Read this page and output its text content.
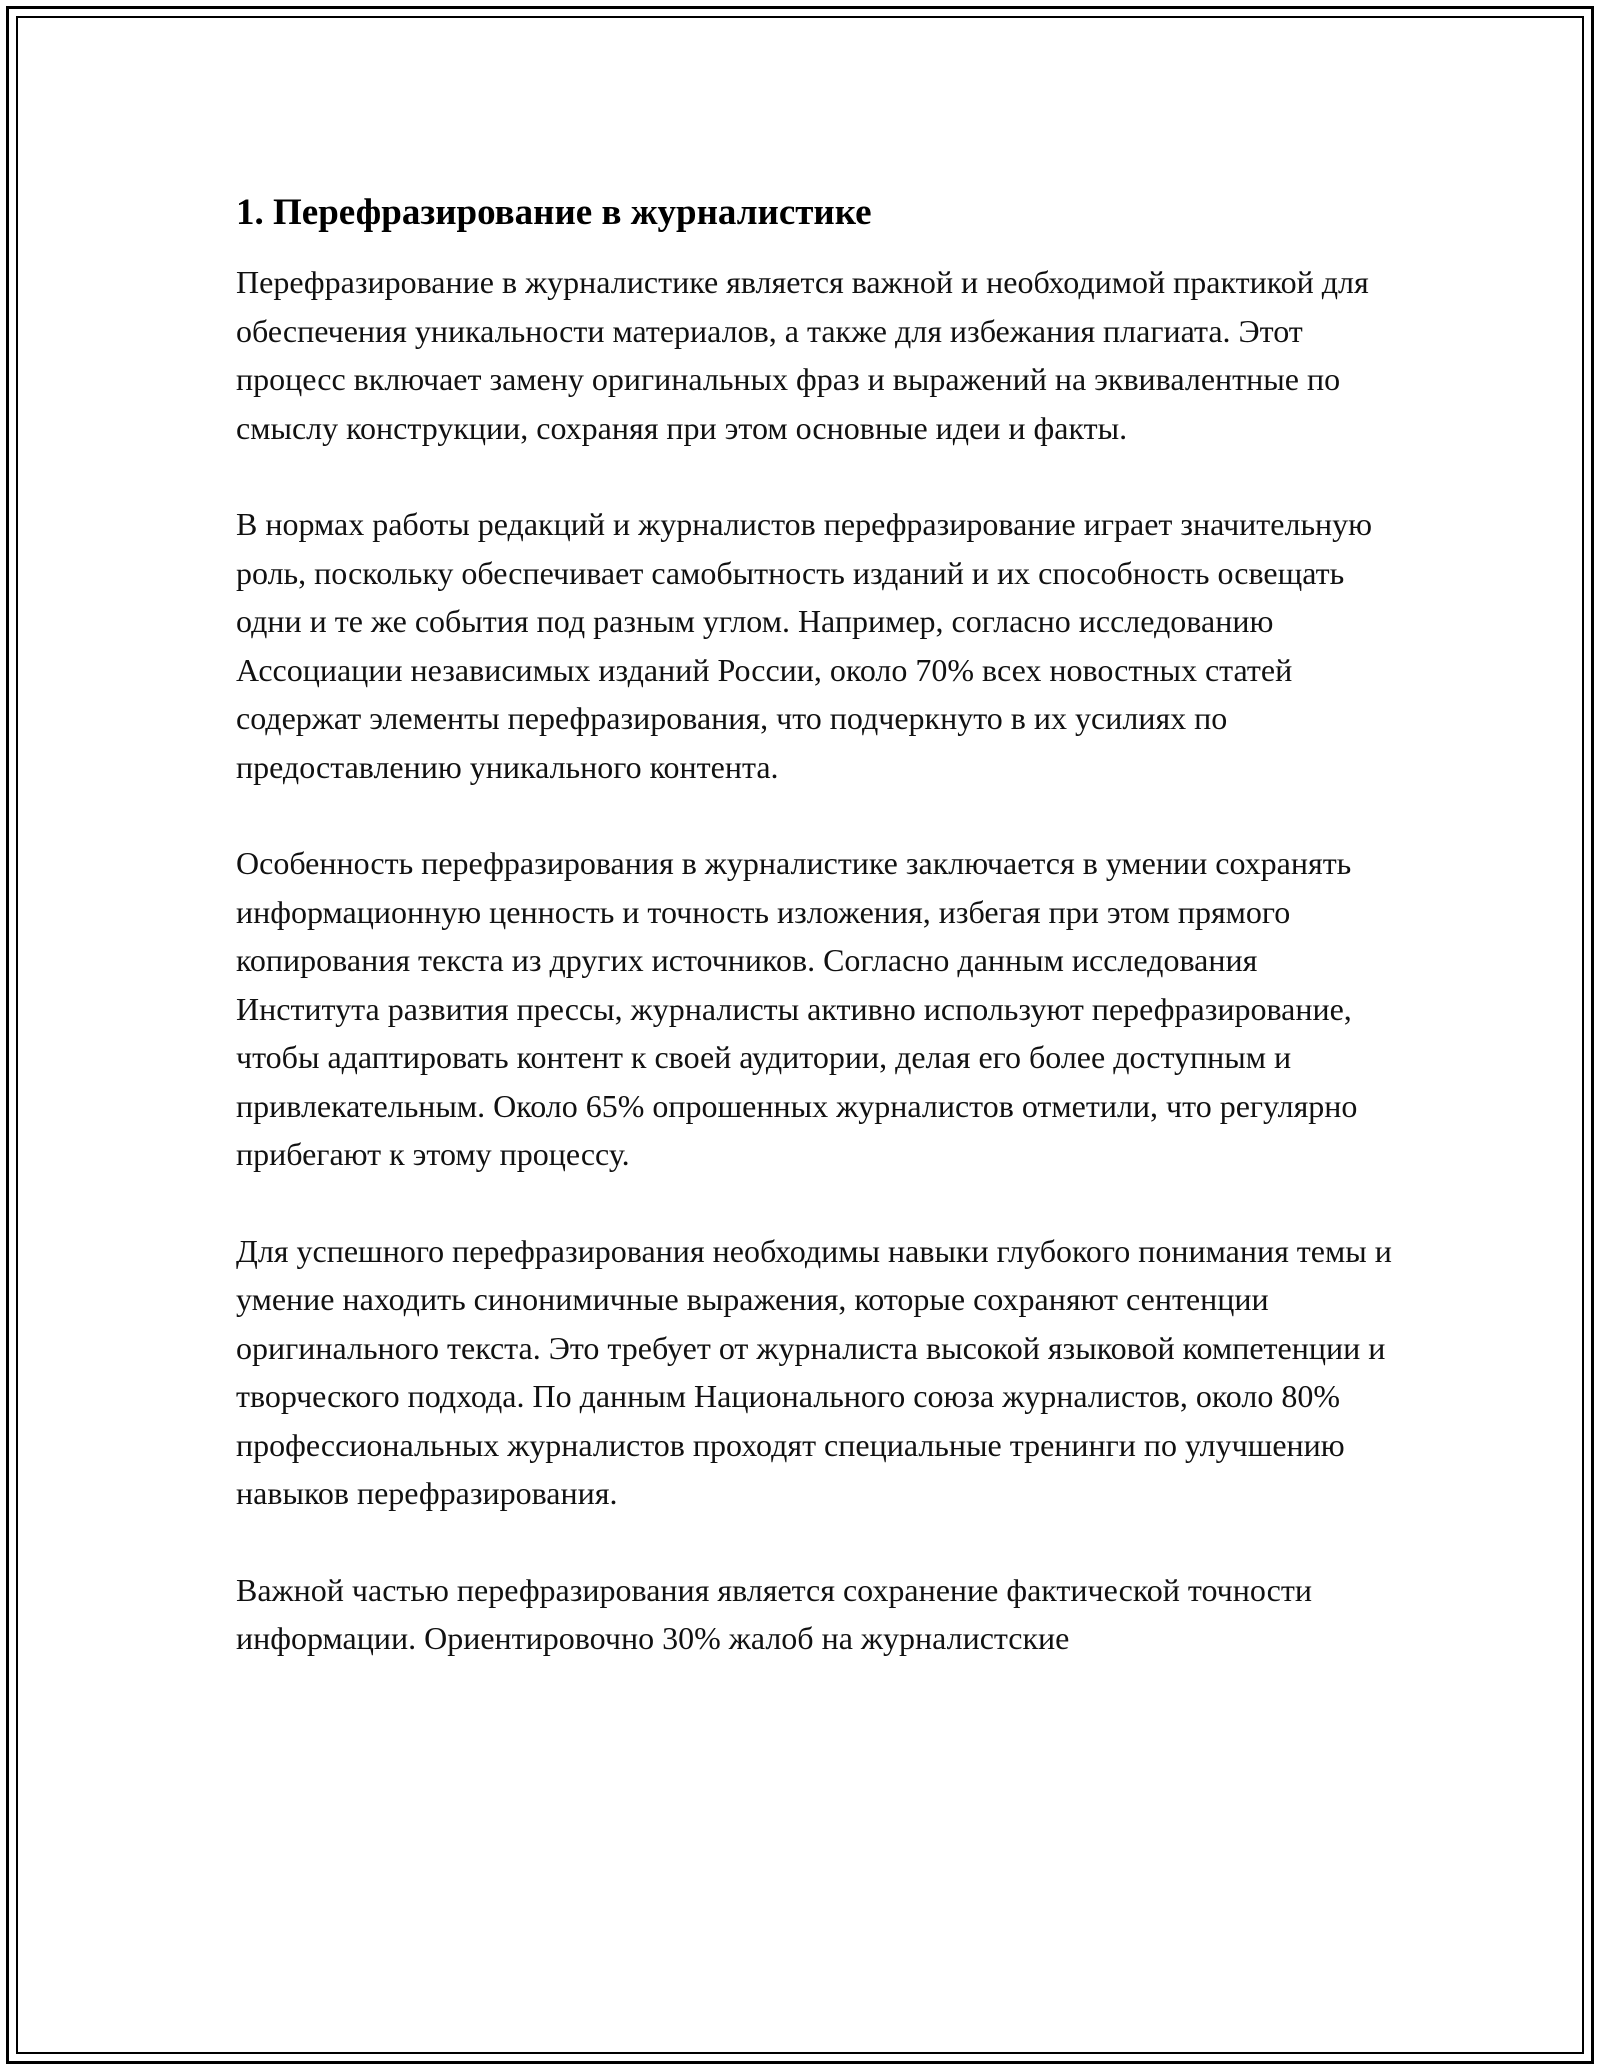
1. Перефразирование в журналистике

Перефразирование в журналистике является важной и необходимой практикой для обеспечения уникальности материалов, а также для избежания плагиата. Этот процесс включает замену оригинальных фраз и выражений на эквивалентные по смыслу конструкции, сохраняя при этом основные идеи и факты.

В нормах работы редакций и журналистов перефразирование играет значительную роль, поскольку обеспечивает самобытность изданий и их способность освещать одни и те же события под разным углом. Например, согласно исследованию Ассоциации независимых изданий России, около 70% всех новостных статей содержат элементы перефразирования, что подчеркнуто в их усилиях по предоставлению уникального контента.

Особенность перефразирования в журналистике заключается в умении сохранять информационную ценность и точность изложения, избегая при этом прямого копирования текста из других источников. Согласно данным исследования Института развития прессы, журналисты активно используют перефразирование, чтобы адаптировать контент к своей аудитории, делая его более доступным и привлекательным. Около 65% опрошенных журналистов отметили, что регулярно прибегают к этому процессу.

Для успешного перефразирования необходимы навыки глубокого понимания темы и умение находить синонимичные выражения, которые сохраняют сентенции оригинального текста. Это требует от журналиста высокой языковой компетенции и творческого подхода. По данным Национального союза журналистов, около 80% профессиональных журналистов проходят специальные тренинги по улучшению навыков перефразирования.

Важной частью перефразирования является сохранение фактической точности информации. Ориентировочно 30% жалоб на журналистские
